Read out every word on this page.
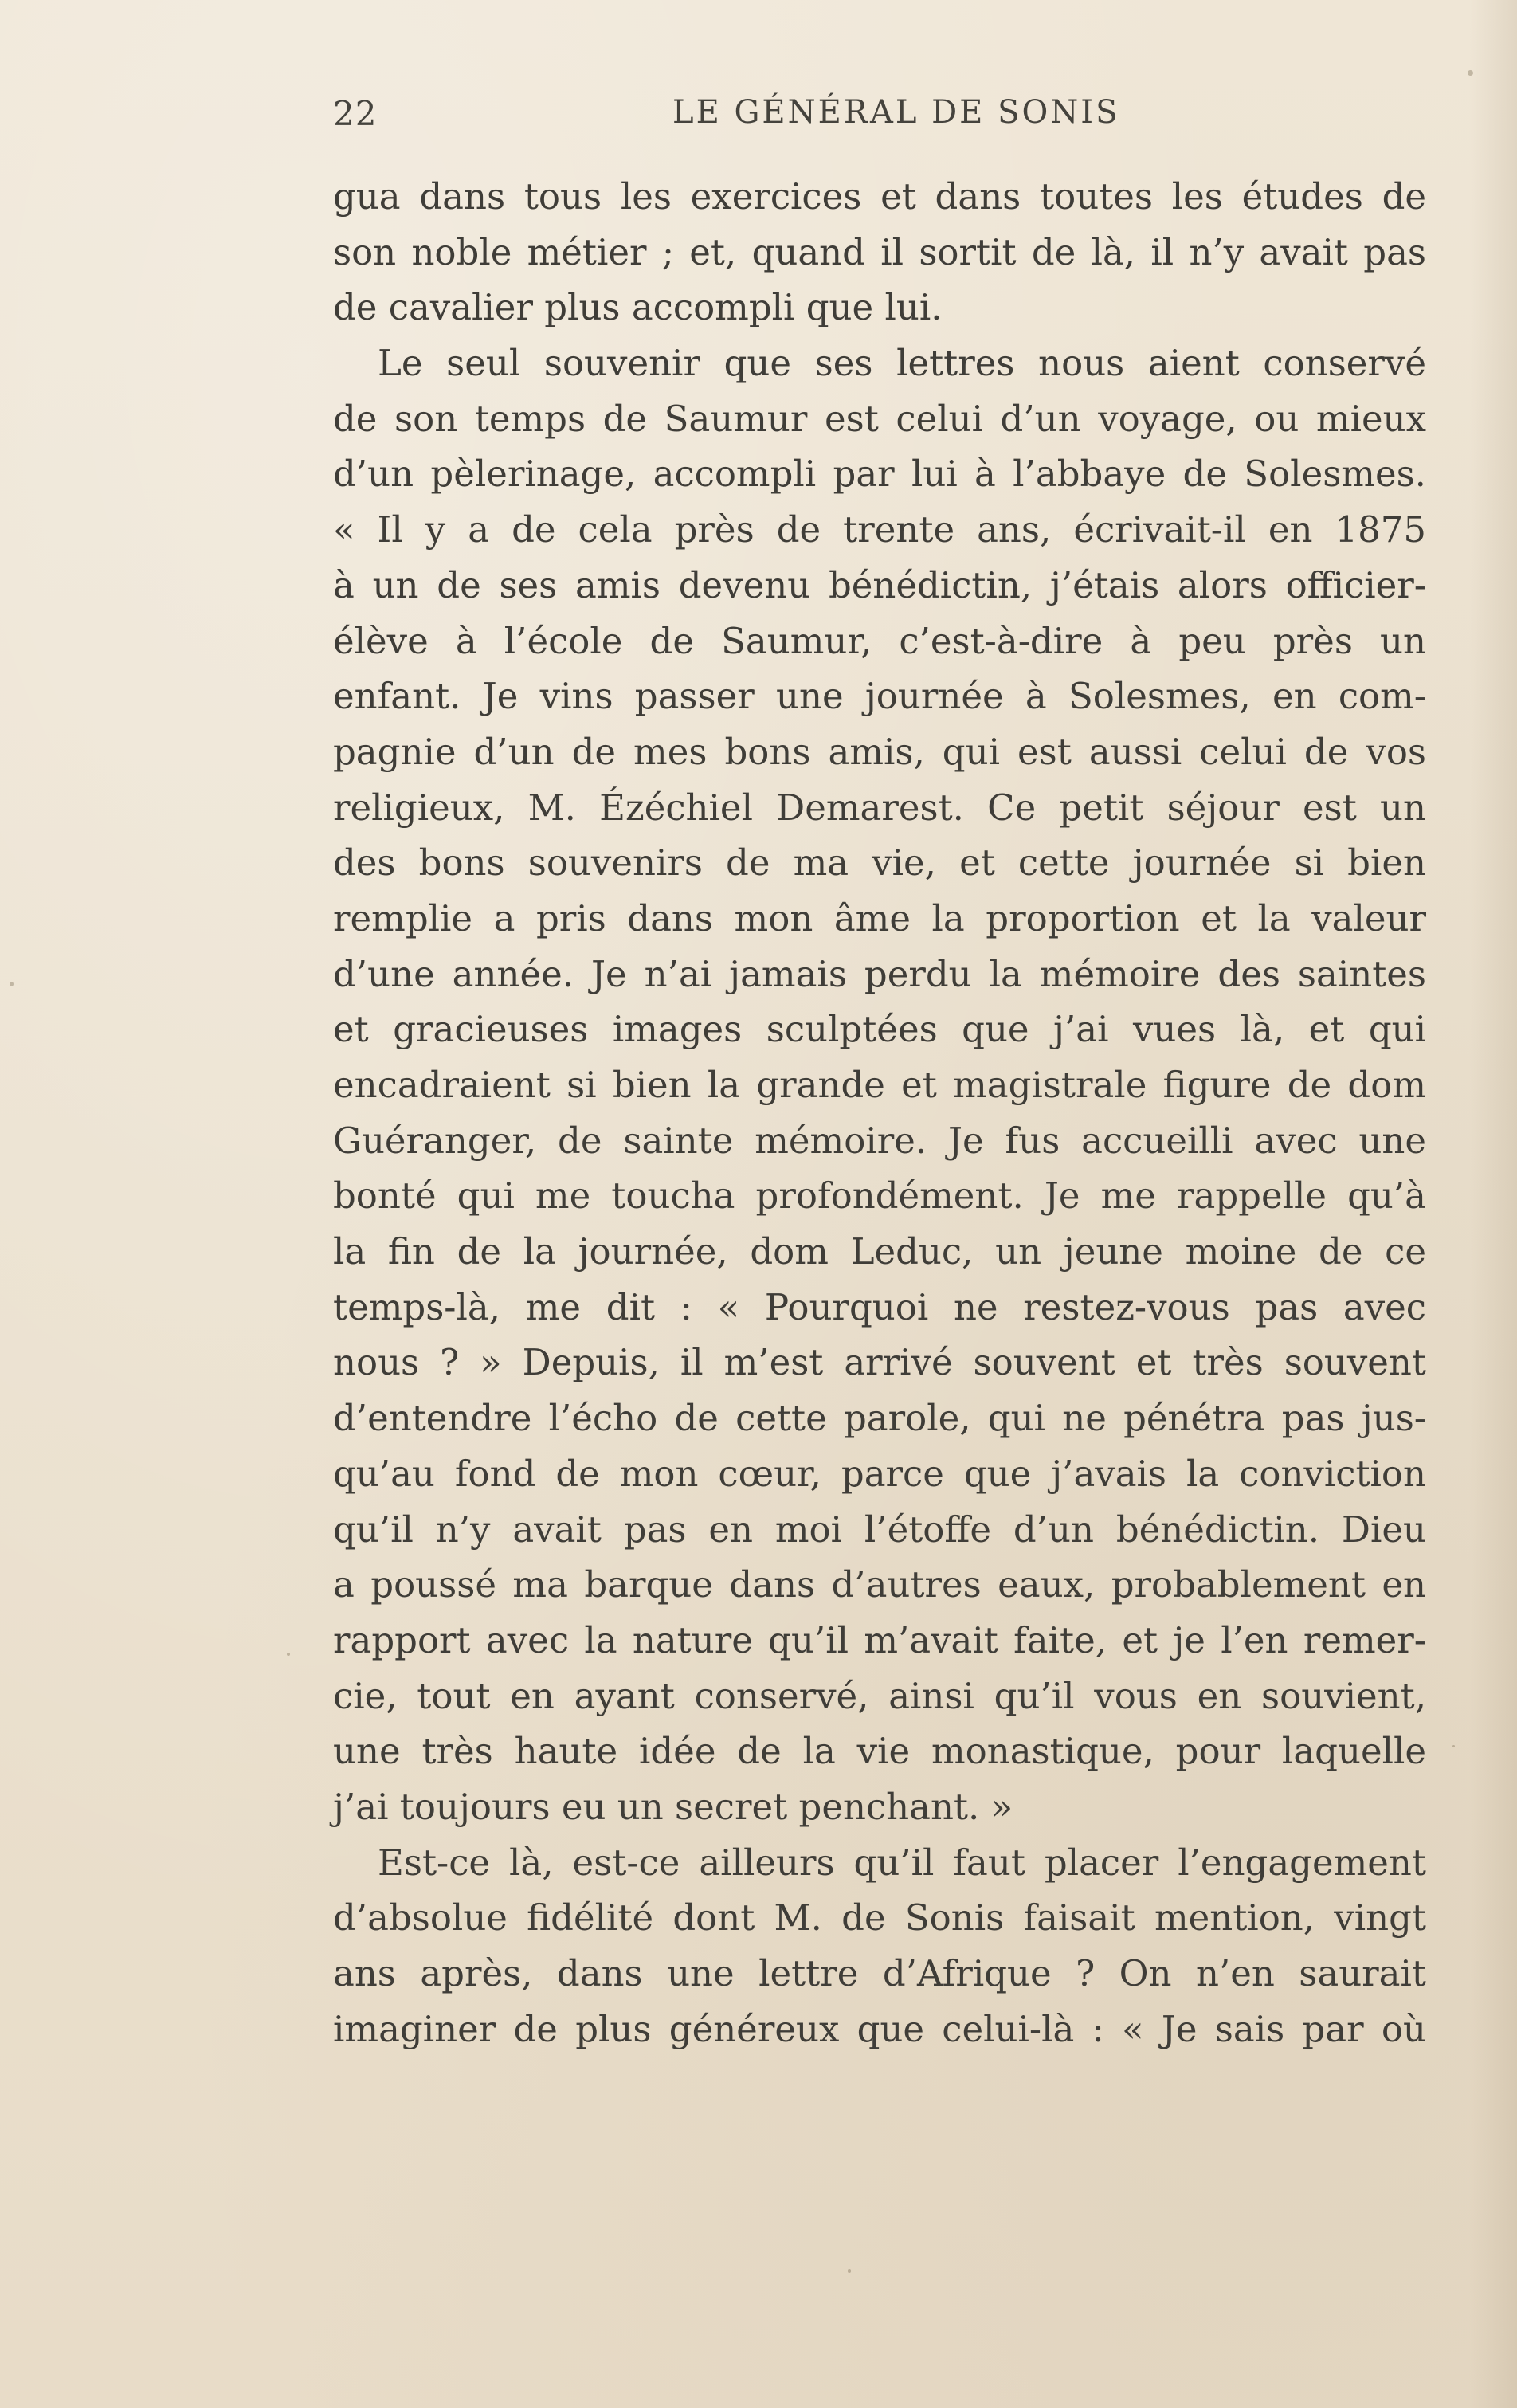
22	LE GÉNÉRAL DE SONIS
gua dans tous les exercices et dans toutes les études de
son noble métier ; et, quand il sortit de là, il n’y avait pas
de cavalier plus accompli que lui.
Le seul souvenir que ses lettres nous aient conservé
de son temps de Saumur est celui d’un voyage, ou mieux
d’un pèlerinage, accompli par lui à l’abbaye de Solesmes.
« Il y a de cela près de trente ans, écrivait-il en 1875
à un de ses amis devenu bénédictin, j’étais alors officier-
élève à l’école de Saumur, c’est-à-dire à peu près un
enfant. Je vins passer une journée à Solesmes, en com-
pagnie d’un de mes bons amis, qui est aussi celui de vos
religieux, M. Ézéchiel Demarest. Ce petit séjour est un
des bons souvenirs de ma vie, et cette journée si bien
remplie a pris dans mon âme la proportion et la valeur
d’une année. Je n’ai jamais perdu la mémoire des saintes
et gracieuses images sculptées que j’ai vues là, et qui
encadraient si bien la grande et magistrale figure de dom
Guéranger, de sainte mémoire. Je fus accueilli avec une
bonté qui me toucha profondément. Je me rappelle qu’à
la fin de la journée, dom Leduc, un jeune moine de ce
temps-là, me dit : « Pourquoi ne restez-vous pas avec
nous ? » Depuis, il m’est arrivé souvent et très souvent
d’entendre l’écho de cette parole, qui ne pénétra pas jus-
qu’au fond de mon cœur, parce que j’avais la conviction
qu’il n’y avait pas en moi l’étoffe d’un bénédictin. Dieu
a poussé ma barque dans d’autres eaux, probablement en
rapport avec la nature qu’il m’avait faite, et je l’en remer-
cie, tout en ayant conservé, ainsi qu’il vous en souvient,
une très haute idée de la vie monastique, pour laquelle
j’ai toujours eu un secret penchant. »
Est-ce là, est-ce ailleurs qu’il faut placer l’engagement
d’absolue fidélité dont M. de Sonis faisait mention, vingt
ans après, dans une lettre d’Afrique ? On n’en saurait
imaginer de plus généreux que celui-là : « Je sais par où
